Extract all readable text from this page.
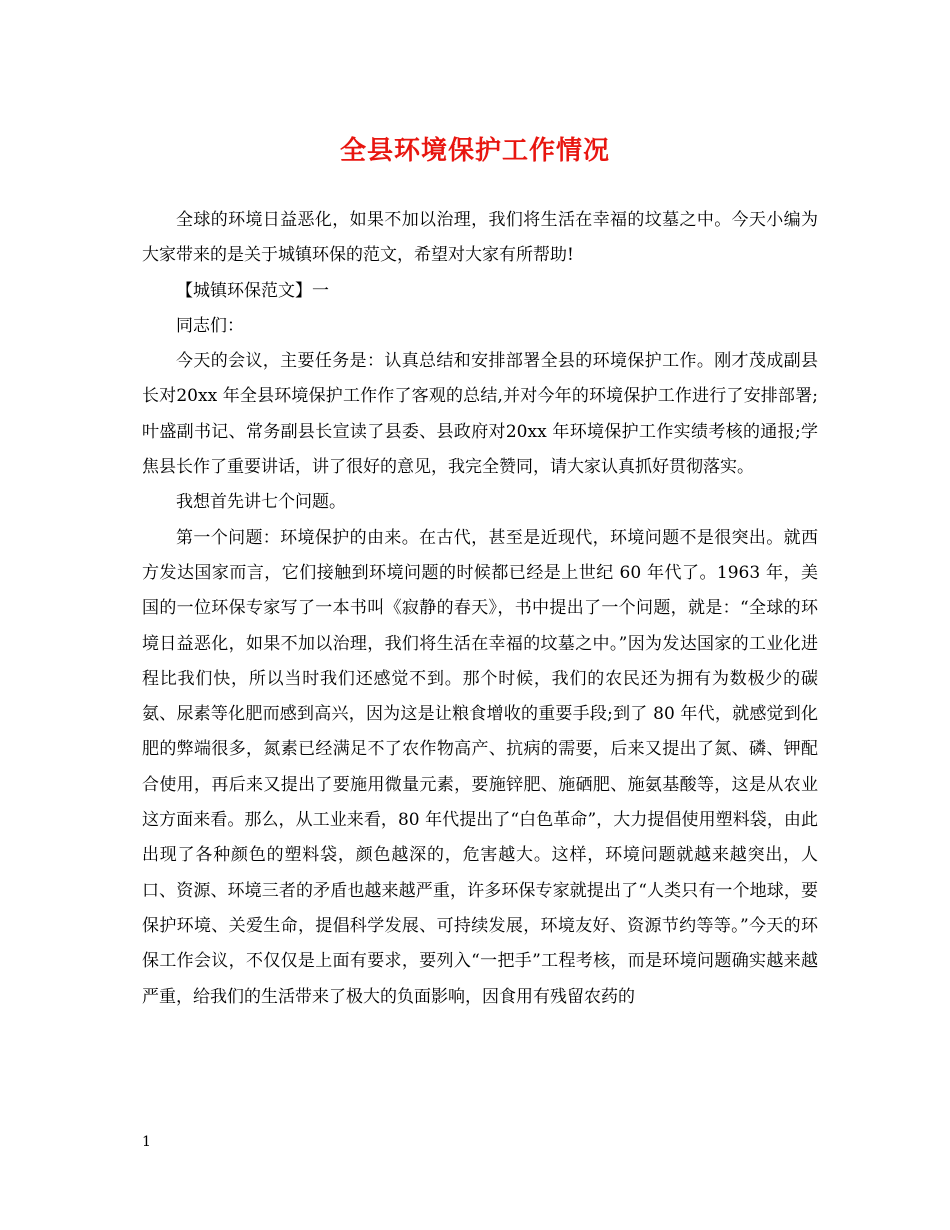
全县环境保护工作情况

全球的环境日益恶化，如果不加以治理，我们将生活在幸福的坟墓之中。今天小编为大家带来的是关于城镇环保的范文，希望对大家有所帮助!

【城镇环保范文】一

同志们：

今天的会议，主要任务是：认真总结和安排部署全县的环境保护工作。刚才茂成副县长对20xx 年全县环境保护工作作了客观的总结,并对今年的环境保护工作进行了安排部署;叶盛副书记、常务副县长宣读了县委、县政府对20xx 年环境保护工作实绩考核的通报;学焦县长作了重要讲话，讲了很好的意见，我完全赞同，请大家认真抓好贯彻落实。

我想首先讲七个问题。

第一个问题：环境保护的由来。在古代，甚至是近现代，环境问题不是很突出。就西方发达国家而言，它们接触到环境问题的时候都已经是上世纪 60 年代了。1963 年，美国的一位环保专家写了一本书叫《寂静的春天》，书中提出了一个问题，就是：“全球的环境日益恶化，如果不加以治理，我们将生活在幸福的坟墓之中。”因为发达国家的工业化进程比我们快，所以当时我们还感觉不到。那个时候，我们的农民还为拥有为数极少的碳氨、尿素等化肥而感到高兴，因为这是让粮食增收的重要手段;到了 80 年代，就感觉到化肥的弊端很多，氮素已经满足不了农作物高产、抗病的需要，后来又提出了氮、磷、钾配合使用，再后来又提出了要施用微量元素，要施锌肥、施硒肥、施氨基酸等，这是从农业这方面来看。那么，从工业来看，80 年代提出了“白色革命”，大力提倡使用塑料袋，由此出现了各种颜色的塑料袋，颜色越深的，危害越大。这样，环境问题就越来越突出，人口、资源、环境三者的矛盾也越来越严重，许多环保专家就提出了“人类只有一个地球，要保护环境、关爱生命，提倡科学发展、可持续发展，环境友好、资源节约等等。”今天的环保工作会议，不仅仅是上面有要求，要列入“一把手”工程考核，而是环境问题确实越来越严重，给我们的生活带来了极大的负面影响，因食用有残留农药的

1
